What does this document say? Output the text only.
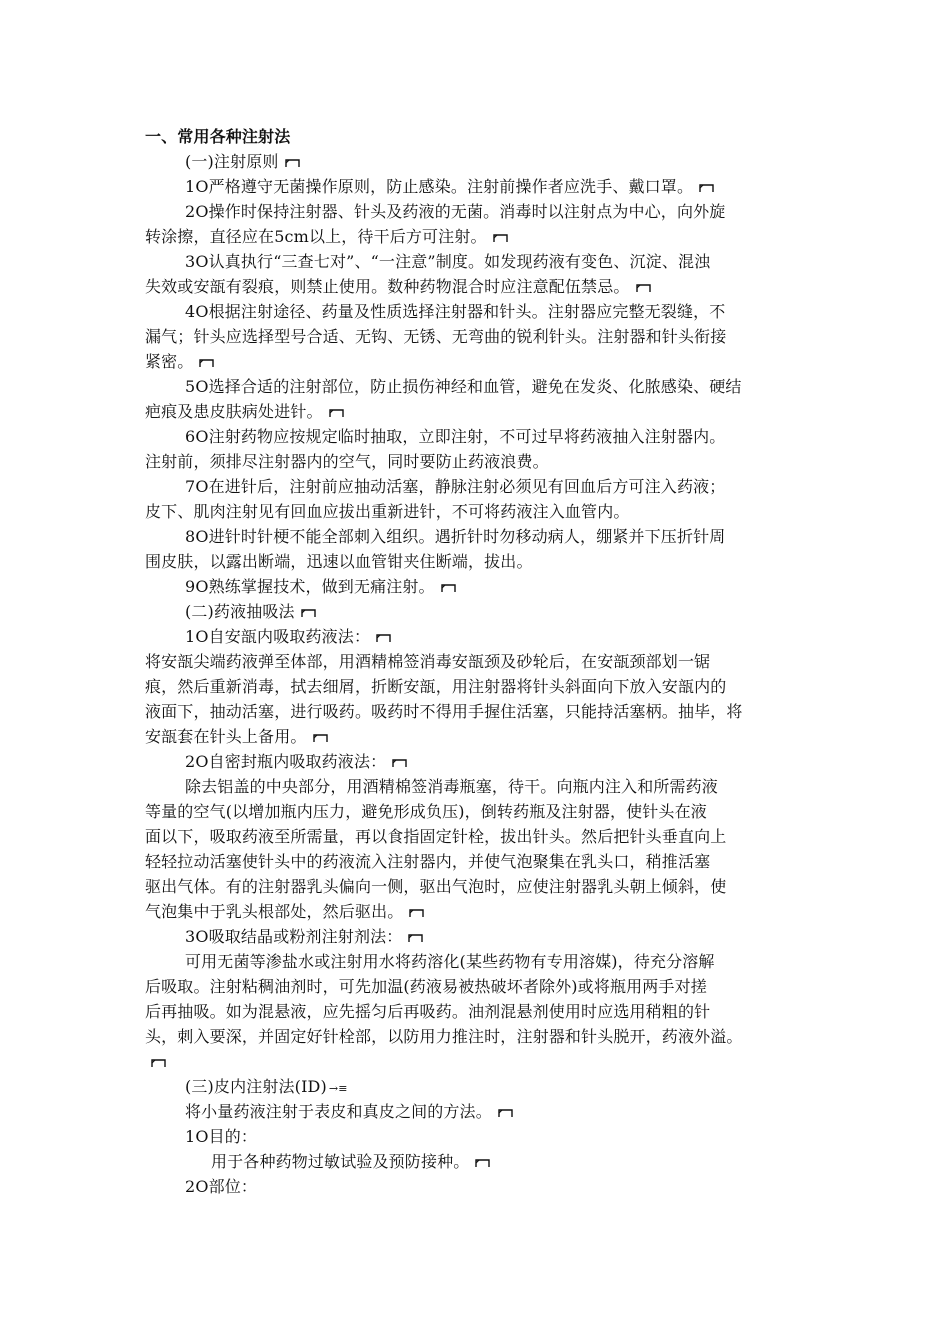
一、常用各种注射法
(一)注射原则
1O严格遵守无菌操作原则，防止感染。注射前操作者应洗手、戴口罩。
2O操作时保持注射器、针头及药液的无菌。消毒时以注射点为中心，向外旋
转涂擦，直径应在5cm以上，待干后方可注射。
3O认真执行“三查七对”、“一注意”制度。如发现药液有变色、沉淀、混浊
失效或安瓿有裂痕，则禁止使用。数种药物混合时应注意配伍禁忌。
4O根据注射途径、药量及性质选择注射器和针头。注射器应完整无裂缝，不
漏气；针头应选择型号合适、无钩、无锈、无弯曲的锐利针头。注射器和针头衔接
紧密。
5O选择合适的注射部位，防止损伤神经和血管，避免在发炎、化脓感染、硬结
疤痕及患皮肤病处进针。
6O注射药物应按规定临时抽取，立即注射，不可过早将药液抽入注射器内。
注射前，须排尽注射器内的空气，同时要防止药液浪费。
7O在进针后，注射前应抽动活塞，静脉注射必须见有回血后方可注入药液；
皮下、肌肉注射见有回血应拔出重新进针，不可将药液注入血管内。
8O进针时针梗不能全部刺入组织。遇折针时勿移动病人，绷紧并下压折针周
围皮肤，以露出断端，迅速以血管钳夹住断端，拔出。
9O熟练掌握技术，做到无痛注射。
(二)药液抽吸法
1O自安瓿内吸取药液法：
将安瓿尖端药液弹至体部，用酒精棉签消毒安瓿颈及砂轮后，在安瓿颈部划一锯
痕，然后重新消毒，拭去细屑，折断安瓿，用注射器将针头斜面向下放入安瓿内的
液面下，抽动活塞，进行吸药。吸药时不得用手握住活塞，只能持活塞柄。抽毕，将
安瓿套在针头上备用。
2O自密封瓶内吸取药液法：
除去铝盖的中央部分，用酒精棉签消毒瓶塞，待干。向瓶内注入和所需药液
等量的空气(以增加瓶内压力，避免形成负压)，倒转药瓶及注射器，使针头在液
面以下，吸取药液至所需量，再以食指固定针栓，拔出针头。然后把针头垂直向上
轻轻拉动活塞使针头中的药液流入注射器内，并使气泡聚集在乳头口，稍推活塞
驱出气体。有的注射器乳头偏向一侧，驱出气泡时，应使注射器乳头朝上倾斜，使
气泡集中于乳头根部处，然后驱出。
3O吸取结晶或粉剂注射剂法：
可用无菌等渗盐水或注射用水将药溶化(某些药物有专用溶媒)，待充分溶解
后吸取。注射粘稠油剂时，可先加温(药液易被热破坏者除外)或将瓶用两手对搓
后再抽吸。如为混悬液，应先摇匀后再吸药。油剂混悬剂使用时应选用稍粗的针
头，刺入要深，并固定好针栓部，以防用力推注时，注射器和针头脱开，药液外溢。
(三)皮内注射法(ID) →≡
将小量药液注射于表皮和真皮之间的方法。
1O目的：
用于各种药物过敏试验及预防接种。
2O部位：
